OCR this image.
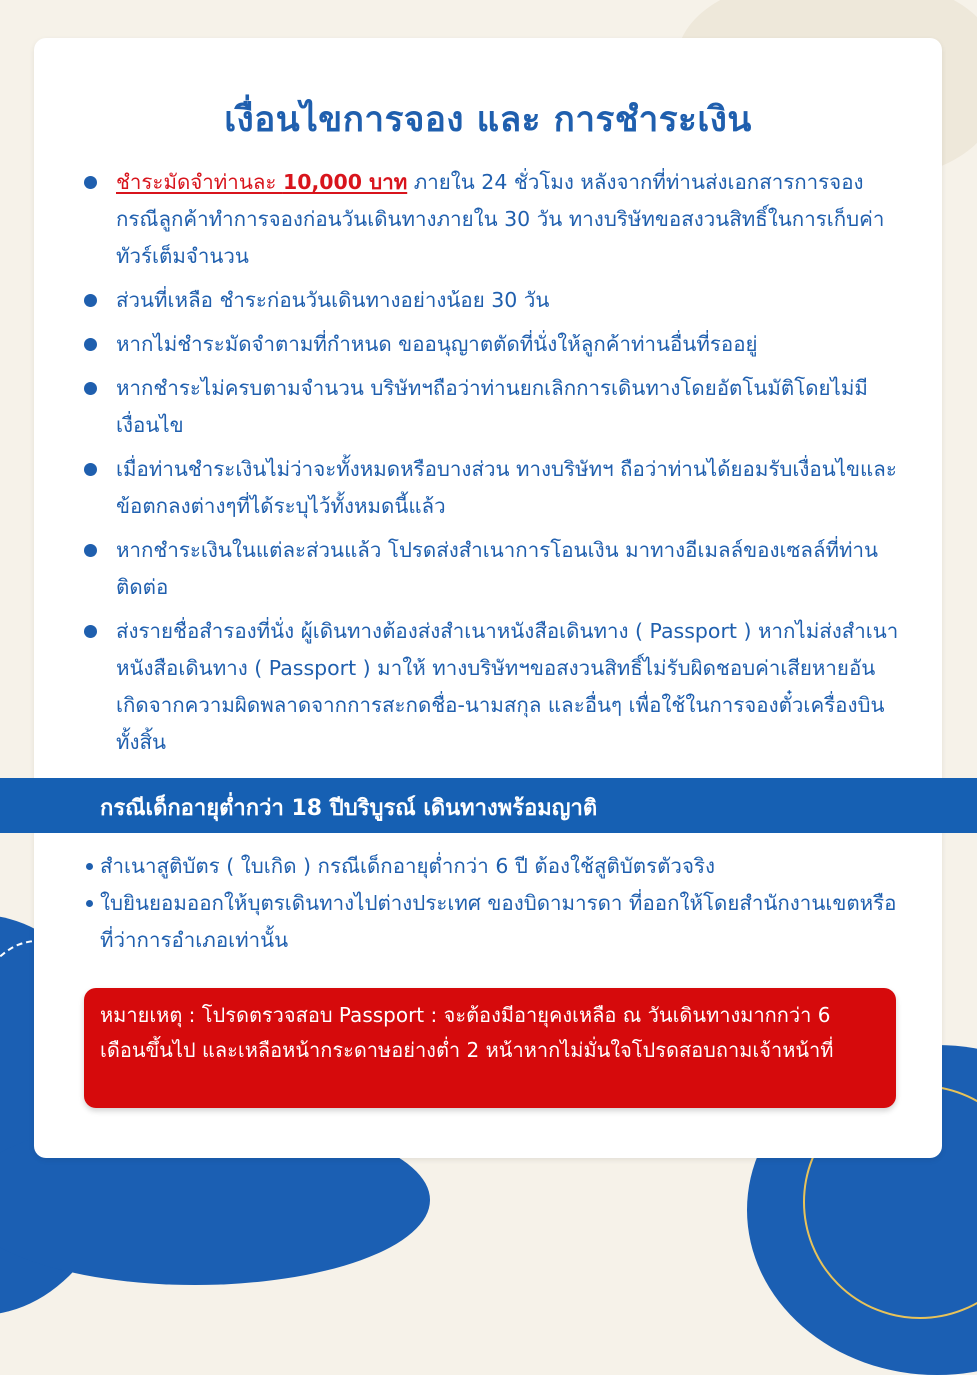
เงื่อนไขการจอง และ การชำระเงิน
ชำระมัดจำท่านละ 10,000 บาท ภายใน 24 ชั่วโมง หลังจากที่ท่านส่งเอกสารการจอง กรณีลูกค้าทำการจองก่อนวันเดินทางภายใน 30 วัน ทางบริษัทขอสงวนสิทธิ์ในการเก็บค่าทัวร์เต็มจำนวน
ส่วนที่เหลือ ชำระก่อนวันเดินทางอย่างน้อย 30 วัน
หากไม่ชำระมัดจำตามที่กำหนด ขออนุญาตตัดที่นั่งให้ลูกค้าท่านอื่นที่รออยู่
หากชำระไม่ครบตามจำนวน บริษัทฯถือว่าท่านยกเลิกการเดินทางโดยอัตโนมัติโดยไม่มีเงื่อนไข
เมื่อท่านชำระเงินไม่ว่าจะทั้งหมดหรือบางส่วน ทางบริษัทฯ ถือว่าท่านได้ยอมรับเงื่อนไขและข้อตกลงต่างๆที่ได้ระบุไว้ทั้งหมดนี้แล้ว
หากชำระเงินในแต่ละส่วนแล้ว โปรดส่งสำเนาการโอนเงิน มาทางอีเมลล์ของเซลล์ที่ท่านติดต่อ
ส่งรายชื่อสำรองที่นั่ง ผู้เดินทางต้องส่งสำเนาหนังสือเดินทาง ( Passport ) หากไม่ส่งสำเนาหนังสือเดินทาง ( Passport ) มาให้ ทางบริษัทฯขอสงวนสิทธิ์ไม่รับผิดชอบค่าเสียหายอันเกิดจากความผิดพลาดจากการสะกดชื่อ-นามสกุล และอื่นๆ เพื่อใช้ในการจองตั๋วเครื่องบินทั้งสิ้น
กรณีเด็กอายุต่ำกว่า 18 ปีบริบูรณ์ เดินทางพร้อมญาติ
สำเนาสูติบัตร ( ใบเกิด ) กรณีเด็กอายุต่ำกว่า 6 ปี ต้องใช้สูติบัตรตัวจริง
ใบยินยอมออกให้บุตรเดินทางไปต่างประเทศ ของบิดามารดา ที่ออกให้โดยสำนักงานเขตหรือที่ว่าการอำเภอเท่านั้น

หมายเหตุ : โปรดตรวจสอบ Passport : จะต้องมีอายุคงเหลือ ณ วันเดินทางมากกว่า 6 เดือนขึ้นไป และเหลือหน้ากระดาษอย่างต่ำ 2 หน้าหากไม่มั่นใจโปรดสอบถามเจ้าหน้าที่
